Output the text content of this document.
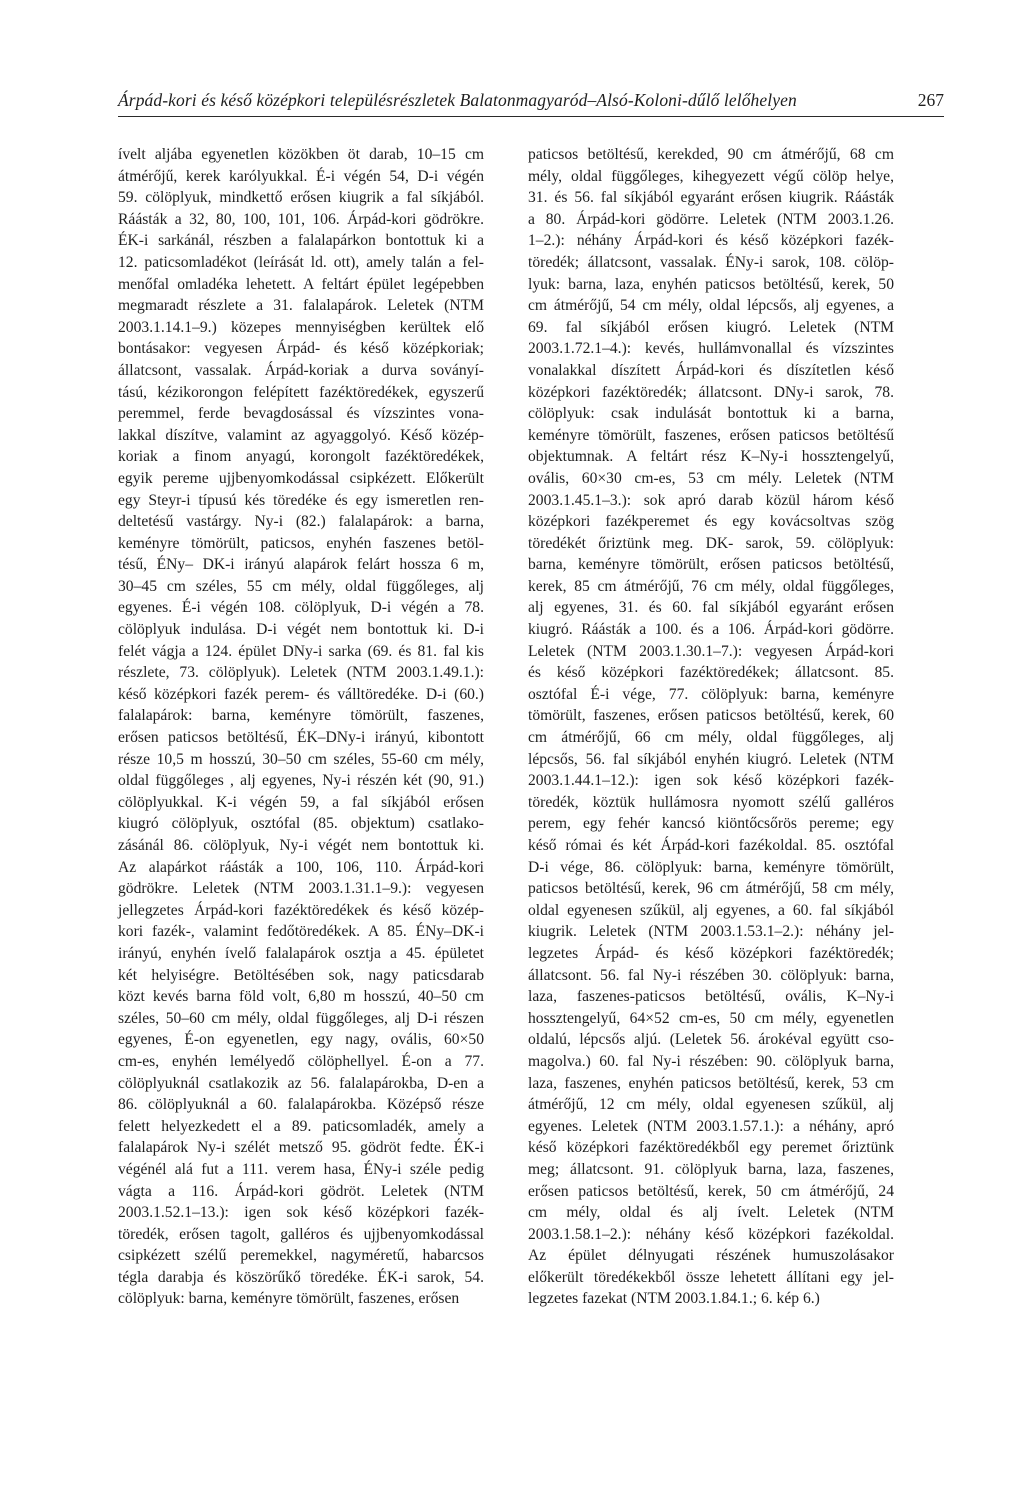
Árpád-kori és késő középkori településrészletek Balatonmagyaród–Alsó-Koloni-dűlő lelőhelyen	267
ívelt aljába egyenetlen közökben öt darab, 10–15 cm
átmérőjű, kerek karólyukkal. É-i végén 54, D-i végén
59. cölöplyuk, mindkettő erősen kiugrik a fal síkjából.
Ráásták a 32, 80, 100, 101, 106. Árpád-kori gödrökre.
ÉK-i sarkánál, részben a falalapárkon bontottuk ki a
12. paticsomladékot (leírását ld. ott), amely talán a fel-
menőfal omladéka lehetett. A feltárt épület legépebben
megmaradt részlete a 31. falalapárok. Leletek (NTM
2003.1.14.1–9.) közepes mennyiségben kerültek elő
bontásakor: vegyesen Árpád- és késő középkoriak;
állatcsont, vassalak. Árpád-koriak a durva soványí-
tású, kézikorongon felépített fazéktöredékek, egyszerű
peremmel, ferde bevagdosással és vízszintes vona-
lakkal díszítve, valamint az agyaggolyó. Késő közép-
koriak a finom anyagú, korongolt fazéktöredékek,
egyik pereme ujjbenyomkodással csipkézett. Előkerült
egy Steyr-i típusú kés töredéke és egy ismeretlen ren-
deltetésű vastárgy. Ny-i (82.) falalapárok: a barna,
keményre tömörült, paticsos, enyhén faszenes betöl-
tésű, ÉNy– DK-i irányú alapárok felárt hossza 6 m,
30–45 cm széles, 55 cm mély, oldal függőleges, alj
egyenes. É-i végén 108. cölöplyuk, D-i végén a 78.
cölöplyuk indulása. D-i végét nem bontottuk ki. D-i
felét vágja a 124. épület DNy-i sarka (69. és 81. fal kis
részlete, 73. cölöplyuk). Leletek (NTM 2003.1.49.1.):
késő középkori fazék perem- és válltöredéke. D-i (60.)
falalapárok: barna, keményre tömörült, faszenes,
erősen paticsos betöltésű, ÉK–DNy-i irányú, kibontott
része 10,5 m hosszú, 30–50 cm széles, 55-60 cm mély,
oldal függőleges , alj egyenes, Ny-i részén két (90, 91.)
cölöplyukkal. K-i végén 59, a fal síkjából erősen
kiugró cölöplyuk, osztófal (85. objektum) csatlako-
zásánál 86. cölöplyuk, Ny-i végét nem bontottuk ki.
Az alapárkot ráásták a 100, 106, 110. Árpád-kori
gödrökre. Leletek (NTM 2003.1.31.1–9.): vegyesen
jellegzetes Árpád-kori fazéktöredékek és késő közép-
kori fazék-, valamint fedőtöredékek. A 85. ÉNy–DK-i
irányú, enyhén ívelő falalapárok osztja a 45. épületet
két helyiségre. Betöltésében sok, nagy paticsdarab
közt kevés barna föld volt, 6,80 m hosszú, 40–50 cm
széles, 50–60 cm mély, oldal függőleges, alj D-i részen
egyenes, É-on egyenetlen, egy nagy, ovális, 60×50
cm-es, enyhén lemélyedő cölöphellyel. É-on a 77.
cölöplyuknál csatlakozik az 56. falalapárokba, D-en a
86. cölöplyuknál a 60. falalapárokba. Középső része
felett helyezkedett el a 89. paticsomladék, amely a
falalapárok Ny-i szélét metsző 95. gödröt fedte. ÉK-i
végénél alá fut a 111. verem hasa, ÉNy-i széle pedig
vágta a 116. Árpád-kori gödröt. Leletek (NTM
2003.1.52.1–13.): igen sok késő középkori fazék-
töredék, erősen tagolt, galléros és ujjbenyomkodással
csipkézett szélű peremekkel, nagyméretű, habarcsos
tégla darabja és köszörűkő töredéke. ÉK-i sarok, 54.
cölöplyuk: barna, keményre tömörült, faszenes, erősen
paticsos betöltésű, kerekded, 90 cm átmérőjű, 68 cm
mély, oldal függőleges, kihegyezett végű cölöp helye,
31. és 56. fal síkjából egyaránt erősen kiugrik. Ráásták
a 80. Árpád-kori gödörre. Leletek (NTM 2003.1.26.
1–2.): néhány Árpád-kori és késő középkori fazék-
töredék; állatcsont, vassalak. ÉNy-i sarok, 108. cölöp-
lyuk: barna, laza, enyhén paticsos betöltésű, kerek, 50
cm átmérőjű, 54 cm mély, oldal lépcsős, alj egyenes, a
69. fal síkjából erősen kiugró. Leletek (NTM
2003.1.72.1–4.): kevés, hullámvonallal és vízszintes
vonalakkal díszített Árpád-kori és díszítetlen késő
középkori fazéktöredék; állatcsont. DNy-i sarok, 78.
cölöplyuk: csak indulását bontottuk ki a barna,
keményre tömörült, faszenes, erősen paticsos betöltésű
objektumnak. A feltárt rész K–Ny-i hossztengelyű,
ovális, 60×30 cm-es, 53 cm mély. Leletek (NTM
2003.1.45.1–3.): sok apró darab közül három késő
középkori fazékperemet és egy kovácsoltvas szög
töredékét őriztünk meg. DK- sarok, 59. cölöplyuk:
barna, keményre tömörült, erősen paticsos betöltésű,
kerek, 85 cm átmérőjű, 76 cm mély, oldal függőleges,
alj egyenes, 31. és 60. fal síkjából egyaránt erősen
kiugró. Ráásták a 100. és a 106. Árpád-kori gödörre.
Leletek (NTM 2003.1.30.1–7.): vegyesen Árpád-kori
és késő középkori fazéktöredékek; állatcsont. 85.
osztófal É-i vége, 77. cölöplyuk: barna, keményre
tömörült, faszenes, erősen paticsos betöltésű, kerek, 60
cm átmérőjű, 66 cm mély, oldal függőleges, alj
lépcsős, 56. fal síkjából enyhén kiugró. Leletek (NTM
2003.1.44.1–12.): igen sok késő középkori fazék-
töredék, köztük hullámosra nyomott szélű galléros
perem, egy fehér kancsó kiöntőcsőrös pereme; egy
késő római és két Árpád-kori fazékoldal. 85. osztófal
D-i vége, 86. cölöplyuk: barna, keményre tömörült,
paticsos betöltésű, kerek, 96 cm átmérőjű, 58 cm mély,
oldal egyenesen szűkül, alj egyenes, a 60. fal síkjából
kiugrik. Leletek (NTM 2003.1.53.1–2.): néhány jel-
legzetes Árpád- és késő középkori fazéktöredék;
állatcsont. 56. fal Ny-i részében 30. cölöplyuk: barna,
laza, faszenes-paticsos betöltésű, ovális, K–Ny-i
hossztengelyű, 64×52 cm-es, 50 cm mély, egyenetlen
oldalú, lépcsős aljú. (Leletek 56. árokéval együtt cso-
magolva.) 60. fal Ny-i részében: 90. cölöplyuk barna,
laza, faszenes, enyhén paticsos betöltésű, kerek, 53 cm
átmérőjű, 12 cm mély, oldal egyenesen szűkül, alj
egyenes. Leletek (NTM 2003.1.57.1.): a néhány, apró
késő középkori fazéktöredékből egy peremet őriztünk
meg; állatcsont. 91. cölöplyuk barna, laza, faszenes,
erősen paticsos betöltésű, kerek, 50 cm átmérőjű, 24
cm mély, oldal és alj ívelt. Leletek (NTM
2003.1.58.1–2.): néhány késő középkori fazékoldal.
Az épület délnyugati részének humuszolásakor
előkerült töredékekből össze lehetett állítani egy jel-
legzetes fazekat (NTM 2003.1.84.1.; 6. kép 6.)
